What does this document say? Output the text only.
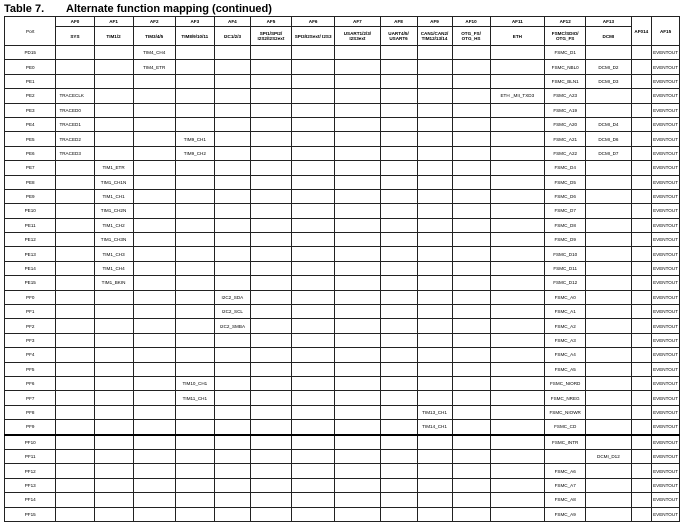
Table 7. Alternate function mapping (continued)
Port	AF0	AF1	AF2	AF3	AF4	AF5	AF6	AF7	AF8	AF9	AF10	AF11	AF12	AF13	AF014	AF15
	SYS	TIM1/2	TIM3/4/5	TIM8/9/10/11	I2C1/2/3	SPI1/SPI2/ I2S2/I2S2ext	SPI3/I2Sext/ I2S3	USART1/2/3/ I2S3ext	UART4/5/ USART6	CAN1/CAN2/ TIM12/13/14	OTG_FS/ OTG_HS	ETH	FSMC/SDIO/ OTG_FS	DCMI		
PD15			TIM4_CH4										FSMC_D1			EVENTOUT
PE0			TIM4_ETR										FSMC_NBL0	DCMI_D2		EVENTOUT
PE1													FSMC_BLN1	DCMI_D3		EVENTOUT
PE2	TRACECLK											ETH _MII_TXD3	FSMC_A23			EVENTOUT
PE3	TRACED0												FSMC_A19			EVENTOUT
PE4	TRACED1												FSMC_A20	DCMI_D4		EVENTOUT
PE5	TRACED2			TIM9_CH1									FSMC_A21	DCMI_D6		EVENTOUT
PE6	TRACED3			TIM9_CH2									FSMC_A22	DCMI_D7		EVENTOUT
PE7		TIM1_ETR											FSMC_D4			EVENTOUT
PE8		TIM1_CH1N											FSMC_D5			EVENTOUT
PE9		TIM1_CH1											FSMC_D6			EVENTOUT
PE10		TIM1_CH2N											FSMC_D7			EVENTOUT
PE11		TIM1_CH2											FSMC_D8			EVENTOUT
PE12		TIM1_CH3N											FSMC_D9			EVENTOUT
PE13		TIM1_CH3											FSMC_D10			EVENTOUT
PE14		TIM1_CH4											FSMC_D11			EVENTOUT
PE15		TIM1_BKIN											FSMC_D12			EVENTOUT
PF0					I2C2_SDA								FSMC_A0			EVENTOUT
PF1					I2C2_SCL								FSMC_A1			EVENTOUT
PF2					I2C2_SMBA								FSMC_A2			EVENTOUT
PF3													FSMC_A3			EVENTOUT
PF4													FSMC_A4			EVENTOUT
PF5													FSMC_A5			EVENTOUT
PF6				TIM10_CH1									FSMC_NIORD			EVENTOUT
PF7				TIM11_CH1									FSMC_NREG			EVENTOUT
PF8										TIM13_CH1			FSMC_NIOWR			EVENTOUT
PF9										TIM14_CH1			FSMC_CD			EVENTOUT
PF10													FSMC_INTR			EVENTOUT
PF11														DCMI_D12		EVENTOUT
PF12													FSMC_A6			EVENTOUT
PF13													FSMC_A7			EVENTOUT
PF14													FSMC_A8			EVENTOUT
PF15													FSMC_A9			EVENTOUT
